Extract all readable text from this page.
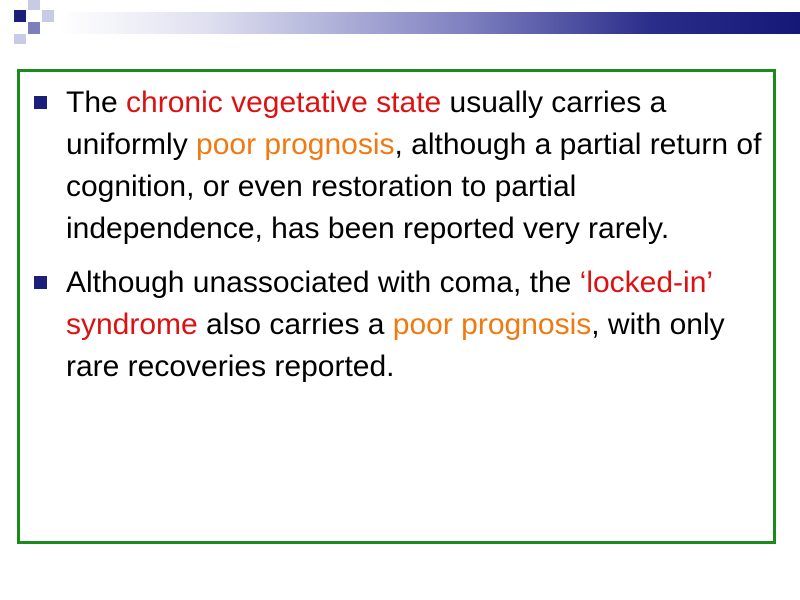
The chronic vegetative state usually carries a uniformly poor prognosis, although a partial return of cognition, or even restoration to partial independence, has been reported very rarely.
Although unassociated with coma, the ‘locked-in’ syndrome also carries a poor prognosis, with only rare recoveries reported.
